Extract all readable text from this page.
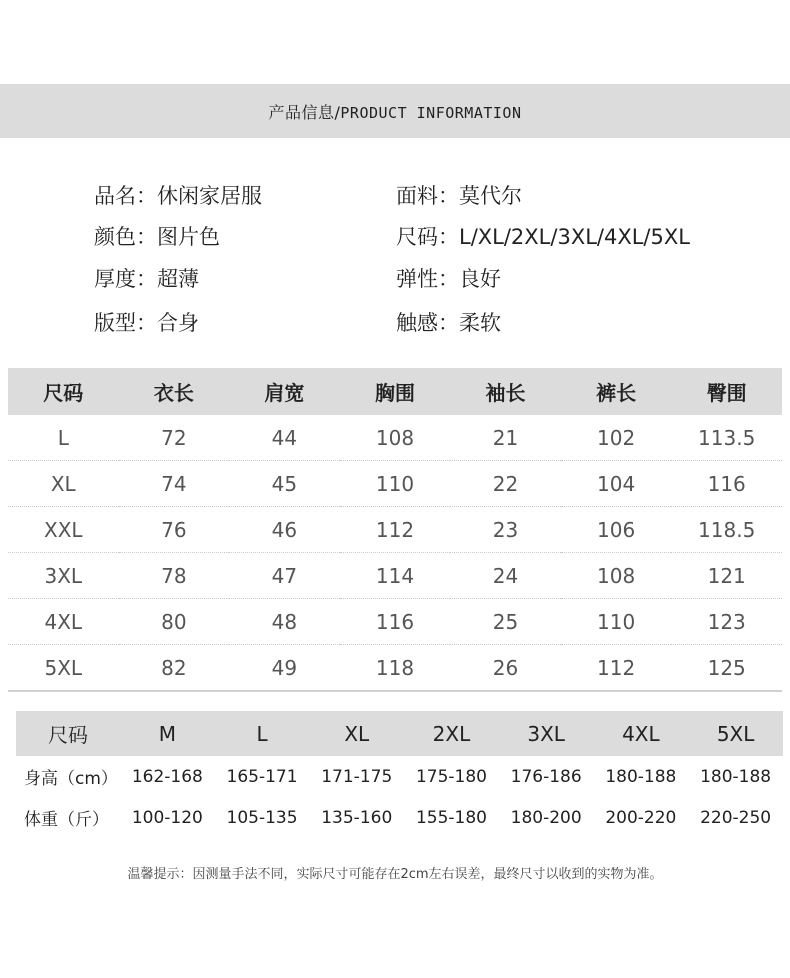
产品信息/PRODUCT INFORMATION
品名：休闲家居服	面料：莫代尔
颜色：图片色	尺码：L/XL/2XL/3XL/4XL/5XL
厚度：超薄	弹性：良好
版型：合身	触感：柔软
尺码	衣长	肩宽	胸围	袖长	裤长	臀围
L	72	44	108	21	102	113.5
XL	74	45	110	22	104	116
XXL	76	46	112	23	106	118.5
3XL	78	47	114	24	108	121
4XL	80	48	116	25	110	123
5XL	82	49	118	26	112	125
尺码	M	L	XL	2XL	3XL	4XL	5XL
身高（cm）	162-168	165-171	171-175	175-180	176-186	180-188	180-188
体重（斤）	100-120	105-135	135-160	155-180	180-200	200-220	220-250
温馨提示：因测量手法不同，实际尺寸可能存在2cm左右误差，最终尺寸以收到的实物为准。
